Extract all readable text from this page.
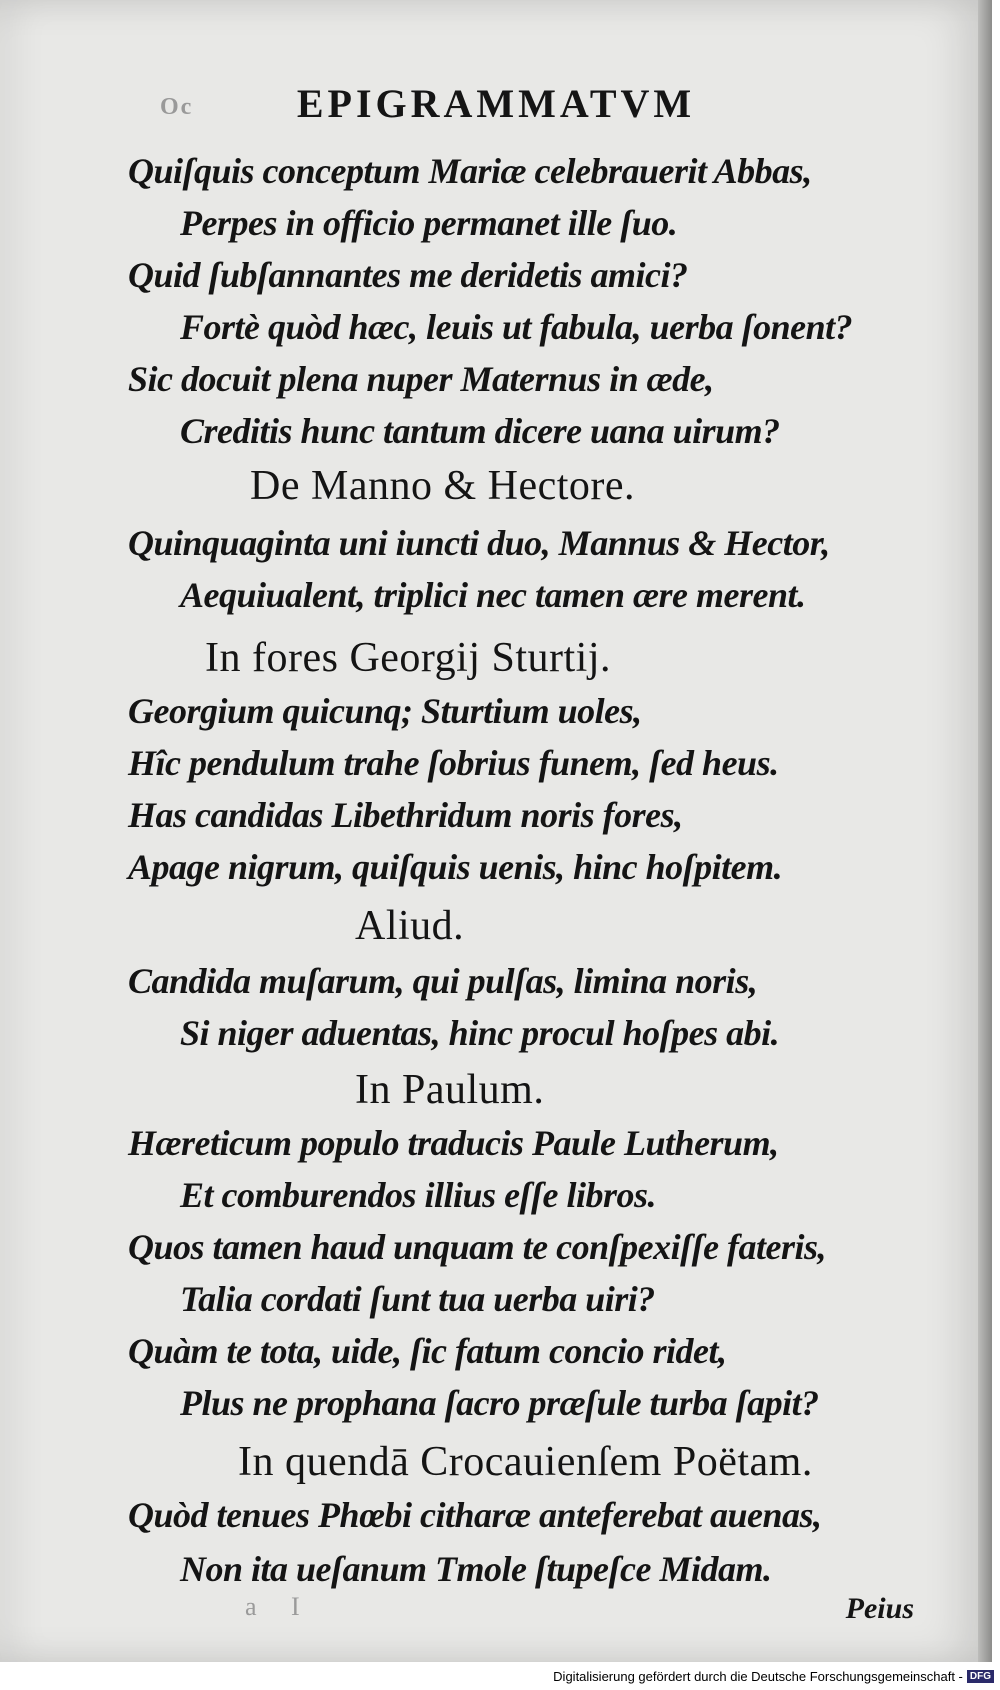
Oc	EPIGRAMMATVM
Quiſquis conceptum Mariæ celebrauerit Abbas,
Perpes in officio permanet ille ſuo.
Quid ſubſannantes me deridetis amici?
Fortè quòd hæc, leuis ut fabula, uerba ſonent?
Sic docuit plena nuper Maternus in æde,
Creditis hunc tantum dicere uana uirum?
De Manno & Hectore.
Quinquaginta uni iuncti duo, Mannus & Hector,
Aequiualent, triplici nec tamen ære merent.
In fores Georgij Sturtij.
Georgium quicunq; Sturtium uoles,
Hîc pendulum trahe ſobrius funem, ſed heus.
Has candidas Libethridum noris fores,
Apage nigrum, quiſquis uenis, hinc hoſpitem.
Aliud.
Candida muſarum, qui pulſas, limina noris,
Si niger aduentas, hinc procul hoſpes abi.
In Paulum.
Hæreticum populo traducis Paule Lutherum,
Et comburendos illius eſſe libros.
Quos tamen haud unquam te conſpexiſſe fateris,
Talia cordati ſunt tua uerba uiri?
Quàm te tota, uide, ſic fatum concio ridet,
Plus ne prophana ſacro præſule turba ſapit?
In quendā Crocauienſem Poëtam.
Quòd tenues Phœbi citharæ anteferebat auenas,
Non ita ueſanum Tmole ſtupeſce Midam.
a I	Peius
Digitalisierung gefördert durch die Deutsche Forschungsgemeinschaft - DFG
